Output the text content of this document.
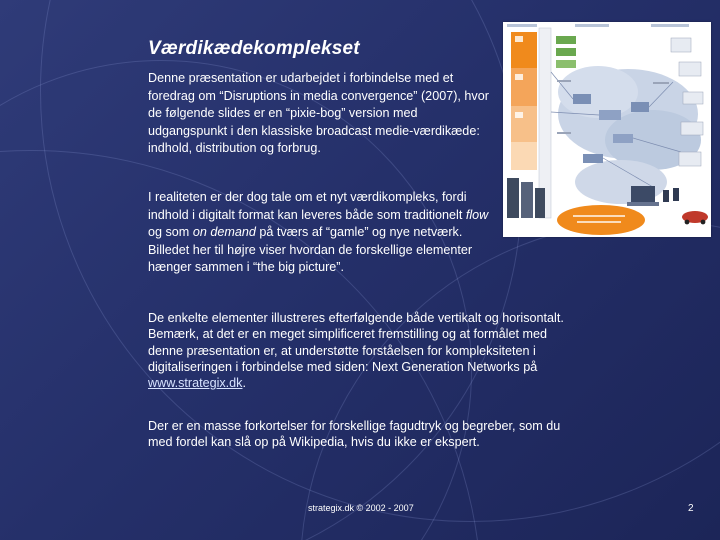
Værdikædekomplekset

Denne præsentation er udarbejdet i forbindelse med et foredrag om “Disruptions in media convergence” (2007), hvor de følgende slides er en “pixie-bog” version med udgangspunkt i den klassiske broadcast medie-værdikæde: indhold, distribution og forbrug.

I realiteten er der dog tale om et nyt værdikompleks, fordi indhold i digitalt format kan leveres både som traditionelt flow og som on demand på tværs af “gamle” og nye netværk. Billedet her til højre viser hvordan de forskellige elementer hænger sammen i “the big picture”.

De enkelte elementer illustreres efterfølgende både vertikalt og horisontalt. Bemærk, at det er en meget simplificeret fremstilling og at formålet med denne præsentation er, at understøtte forståelsen for kompleksiteten i digitaliseringen i forbindelse med siden: Next Generation Networks på www.strategix.dk.

Der er en masse forkortelser for forskellige fagudtryk og begreber, som du med fordel kan slå op på Wikipedia, hvis du ikke er ekspert.

strategix.dk © 2002 - 2007	2
